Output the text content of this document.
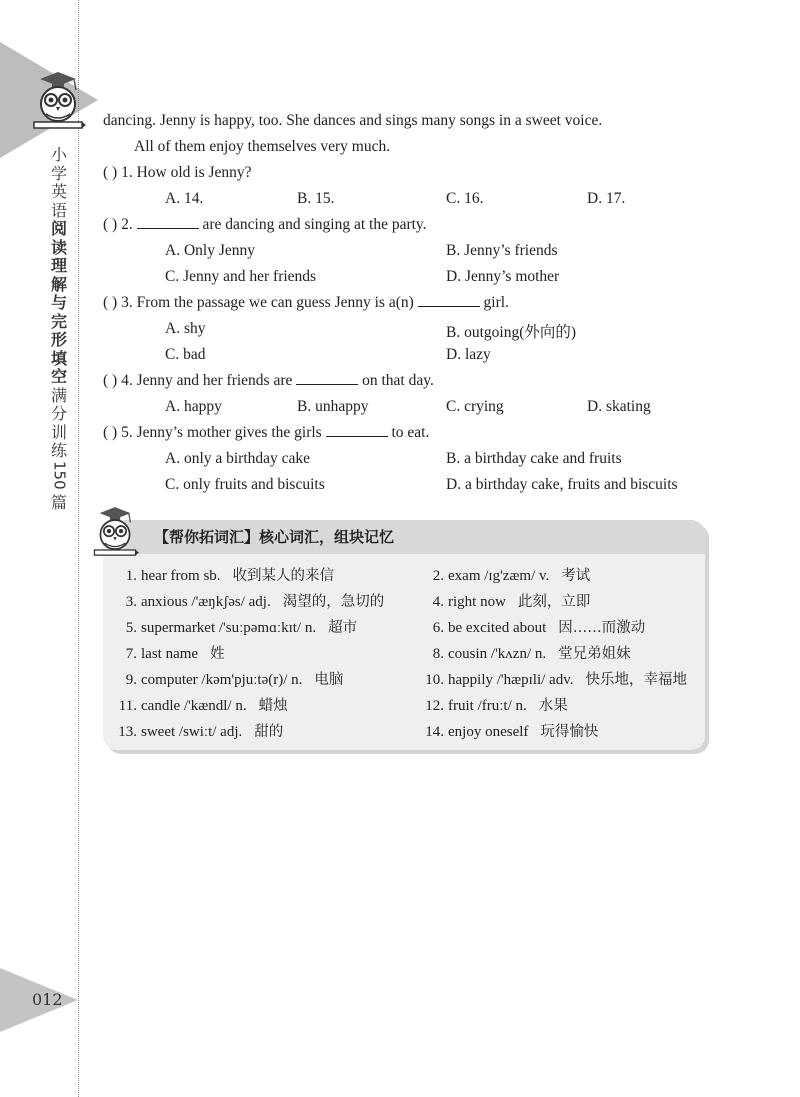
小学英语阅读理解与完形填空满分训练 150 篇
012
dancing. Jenny is happy, too. She dances and sings many songs in a sweet voice.
All of them enjoy themselves very much.
( ) 1. How old is Jenny?
A. 14.	B. 15.	C. 16.	D. 17.
( ) 2.	are dancing and singing at the party.
A. Only Jenny	B. Jenny’s friends
C. Jenny and her friends	D. Jenny’s mother
( ) 3. From the passage we can guess Jenny is a(n)	girl.
A. shy	B. outgoing(外向的)
C. bad	D. lazy
( ) 4. Jenny and her friends are	on that day.
A. happy	B. unhappy	C. crying	D. skating
( ) 5. Jenny’s mother gives the girls	to eat.
A. only a birthday cake	B. a birthday cake and fruits
C. only fruits and biscuits	D. a birthday cake, fruits and biscuits
【帮你拓词汇】核心词汇，组块记忆
1. hear from sb. 收到某人的来信	2. exam /ɪg'zæm/ v. 考试
3. anxious /'æŋkʃəs/ adj. 渴望的，急切的	4. right now 此刻，立即
5. supermarket /'suːpəmɑːkɪt/ n. 超市	6. be excited about 因……而激动
7. last name 姓	8. cousin /'kʌzn/ n. 堂兄弟姐妹
9. computer /kəm'pjuːtə(r)/ n. 电脑	10. happily /'hæpɪli/ adv. 快乐地，幸福地
11. candle /'kændl/ n. 蜡烛	12. fruit /fruːt/ n. 水果
13. sweet /swiːt/ adj. 甜的	14. enjoy oneself 玩得愉快
